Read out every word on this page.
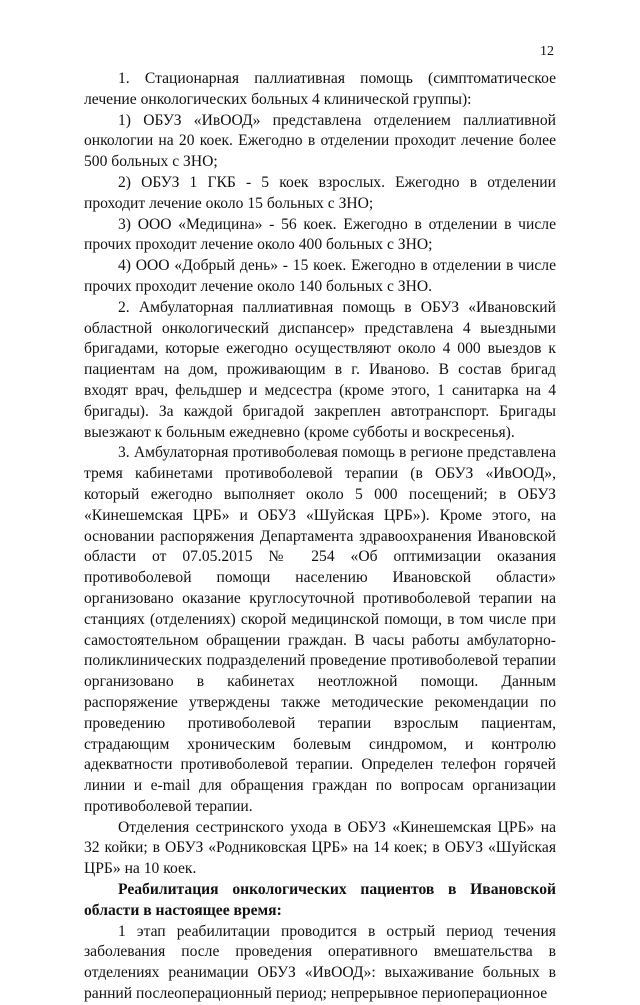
12

1. Стационарная паллиативная помощь (симптоматическое лечение онкологических больных 4 клинической группы):

1) ОБУЗ «ИвООД» представлена отделением паллиативной онкологии на 20 коек. Ежегодно в отделении проходит лечение более 500 больных с ЗНО;

2) ОБУЗ 1 ГКБ - 5 коек взрослых. Ежегодно в отделении проходит лечение около 15 больных с ЗНО;

3) ООО «Медицина» - 56 коек. Ежегодно в отделении в числе прочих проходит лечение около 400 больных с ЗНО;

4) ООО «Добрый день» - 15 коек. Ежегодно в отделении в числе прочих проходит лечение около 140 больных с ЗНО.

2. Амбулаторная паллиативная помощь в ОБУЗ «Ивановский областной онкологический диспансер» представлена 4 выездными бригадами, которые ежегодно осуществляют около 4 000 выездов к пациентам на дом, проживающим в г. Иваново. В состав бригад входят врач, фельдшер и медсестра (кроме этого, 1 санитарка на 4 бригады). За каждой бригадой закреплен автотранспорт. Бригады выезжают к больным ежедневно (кроме субботы и воскресенья).

3. Амбулаторная противоболевая помощь в регионе представлена тремя кабинетами противоболевой терапии (в ОБУЗ «ИвООД», который ежегодно выполняет около 5 000 посещений; в ОБУЗ «Кинешемская ЦРБ» и ОБУЗ «Шуйская ЦРБ»). Кроме этого, на основании распоряжения Департамента здравоохранения Ивановской области от 07.05.2015 № 254 «Об оптимизации оказания противоболевой помощи населению Ивановской области» организовано оказание круглосуточной противоболевой терапии на станциях (отделениях) скорой медицинской помощи, в том числе при самостоятельном обращении граждан. В часы работы амбулаторно-поликлинических подразделений проведение противоболевой терапии организовано в кабинетах неотложной помощи. Данным распоряжение утверждены также методические рекомендации по проведению противоболевой терапии взрослым пациентам, страдающим хроническим болевым синдромом, и контролю адекватности противоболевой терапии. Определен телефон горячей линии и e-mail для обращения граждан по вопросам организации противоболевой терапии.

Отделения сестринского ухода в ОБУЗ «Кинешемская ЦРБ» на 32 койки; в ОБУЗ «Родниковская ЦРБ» на 14 коек; в ОБУЗ «Шуйская ЦРБ» на 10 коек.

Реабилитация онкологических пациентов в Ивановской области в настоящее время:

1 этап реабилитации проводится в острый период течения заболевания после проведения оперативного вмешательства в отделениях реанимации ОБУЗ «ИвООД»: выхаживание больных в ранний послеоперационный период; непрерывное периоперационное
